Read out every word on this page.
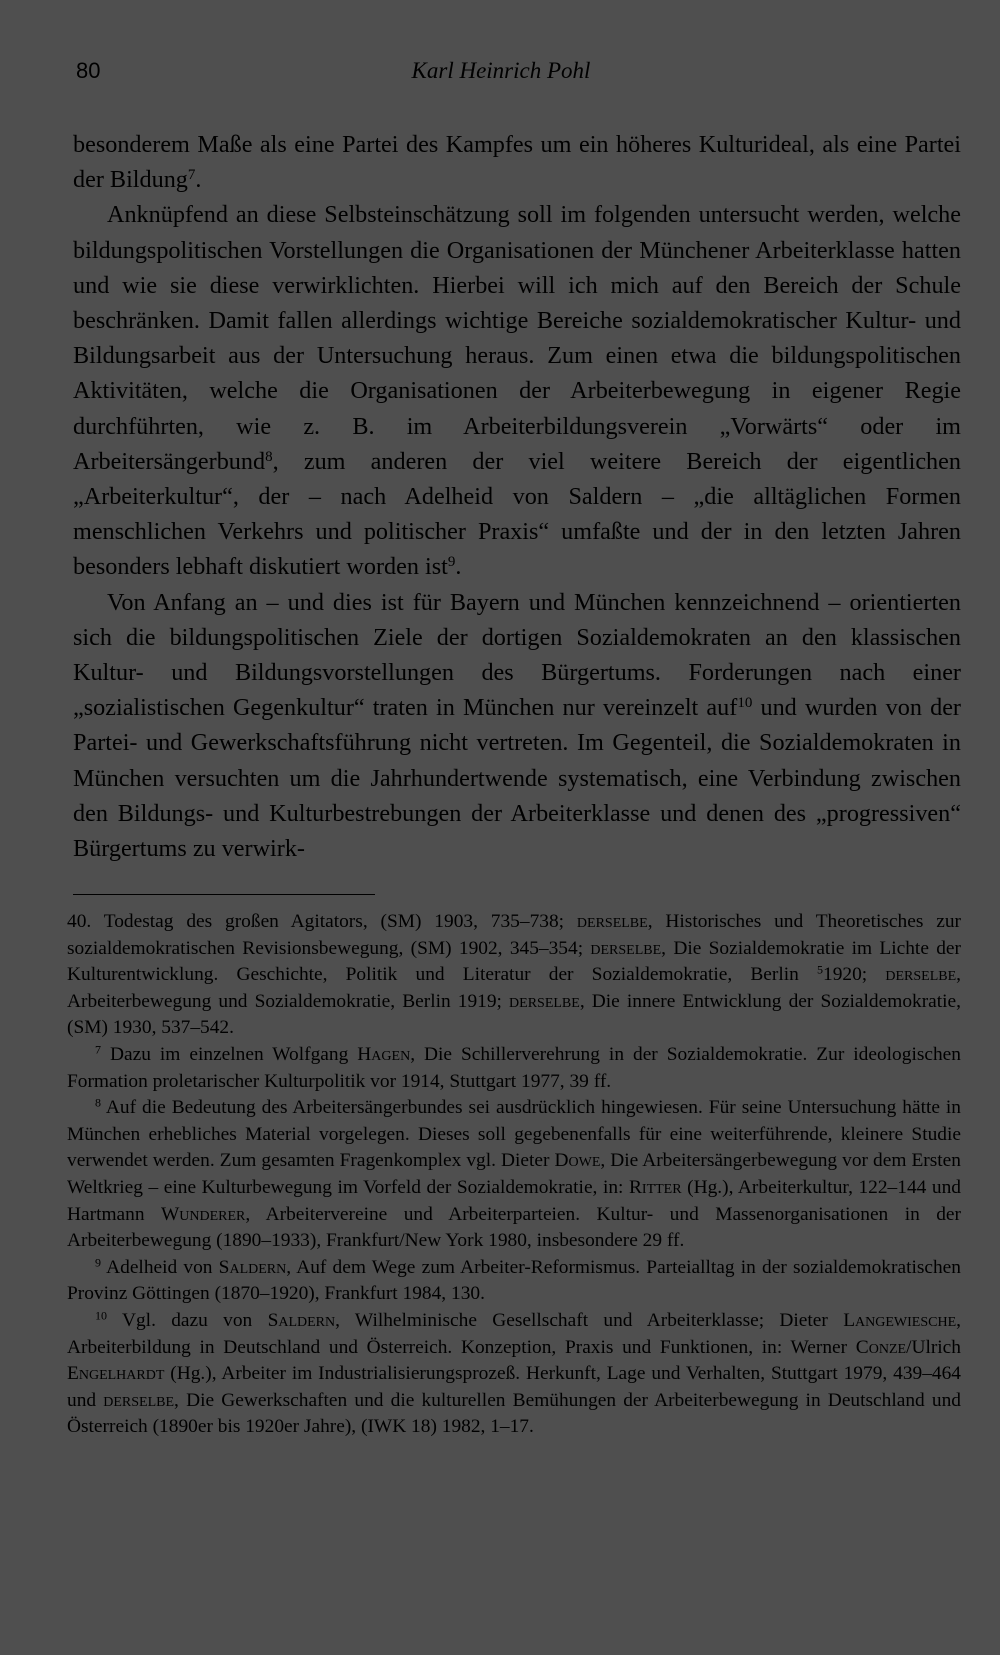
80	Karl Heinrich Pohl

besonderem Maße als eine Partei des Kampfes um ein höheres Kulturideal, als eine Partei der Bildung$^7$.

Anknüpfend an diese Selbsteinschätzung soll im folgenden untersucht werden, welche bildungspolitischen Vorstellungen die Organisationen der Münchener Arbeiterklasse hatten und wie sie diese verwirklichten. Hierbei will ich mich auf den Bereich der Schule beschränken. Damit fallen allerdings wichtige Bereiche sozialdemokratischer Kultur- und Bildungsarbeit aus der Untersuchung heraus. Zum einen etwa die bildungspolitischen Aktivitäten, welche die Organisationen der Arbeiterbewegung in eigener Regie durchführten, wie z. B. im Arbeiterbildungsverein „Vorwärts“ oder im Arbeitersängerbund$^8$, zum anderen der viel weitere Bereich der eigentlichen „Arbeiterkultur“, der – nach Adelheid von Saldern – „die alltäglichen Formen menschlichen Verkehrs und politischer Praxis“ umfaßte und der in den letzten Jahren besonders lebhaft diskutiert worden ist$^9$.

Von Anfang an – und dies ist für Bayern und München kennzeichnend – orientierten sich die bildungspolitischen Ziele der dortigen Sozialdemokraten an den klassischen Kultur- und Bildungsvorstellungen des Bürgertums. Forderungen nach einer „sozialistischen Gegenkultur“ traten in München nur vereinzelt auf$^{10}$ und wurden von der Partei- und Gewerkschaftsführung nicht vertreten. Im Gegenteil, die Sozialdemokraten in München versuchten um die Jahrhundertwende systematisch, eine Verbindung zwischen den Bildungs- und Kulturbestrebungen der Arbeiterklasse und denen des „progressiven“ Bürgertums zu verwirk-

40. Todestag des großen Agitators, (SM) 1903, 735–738; derselbe, Historisches und Theoretisches zur sozialdemokratischen Revisionsbewegung, (SM) 1902, 345–354; derselbe, Die Sozialdemokratie im Lichte der Kulturentwicklung. Geschichte, Politik und Literatur der Sozialdemokratie, Berlin $^5$1920; derselbe, Arbeiterbewegung und Sozialdemokratie, Berlin 1919; derselbe, Die innere Entwicklung der Sozialdemokratie, (SM) 1930, 537–542.

$^7$ Dazu im einzelnen Wolfgang Hagen, Die Schillerverehrung in der Sozialdemokratie. Zur ideologischen Formation proletarischer Kulturpolitik vor 1914, Stuttgart 1977, 39 ff.

$^8$ Auf die Bedeutung des Arbeitersängerbundes sei ausdrücklich hingewiesen. Für seine Untersuchung hätte in München erhebliches Material vorgelegen. Dieses soll gegebenenfalls für eine weiterführende, kleinere Studie verwendet werden. Zum gesamten Fragenkomplex vgl. Dieter Dowe, Die Arbeitersängerbewegung vor dem Ersten Weltkrieg – eine Kulturbewegung im Vorfeld der Sozialdemokratie, in: Ritter (Hg.), Arbeiterkultur, 122–144 und Hartmann Wunderer, Arbeitervereine und Arbeiterparteien. Kultur- und Massenorganisationen in der Arbeiterbewegung (1890–1933), Frankfurt/New York 1980, insbesondere 29 ff.

$^9$ Adelheid von Saldern, Auf dem Wege zum Arbeiter-Reformismus. Parteialltag in der sozialdemokratischen Provinz Göttingen (1870–1920), Frankfurt 1984, 130.

$^{10}$ Vgl. dazu von Saldern, Wilhelminische Gesellschaft und Arbeiterklasse; Dieter Langewiesche, Arbeiterbildung in Deutschland und Österreich. Konzeption, Praxis und Funktionen, in: Werner Conze/Ulrich Engelhardt (Hg.), Arbeiter im Industrialisierungsprozeß. Herkunft, Lage und Verhalten, Stuttgart 1979, 439–464 und derselbe, Die Gewerkschaften und die kulturellen Bemühungen der Arbeiterbewegung in Deutschland und Österreich (1890er bis 1920er Jahre), (IWK 18) 1982, 1–17.
